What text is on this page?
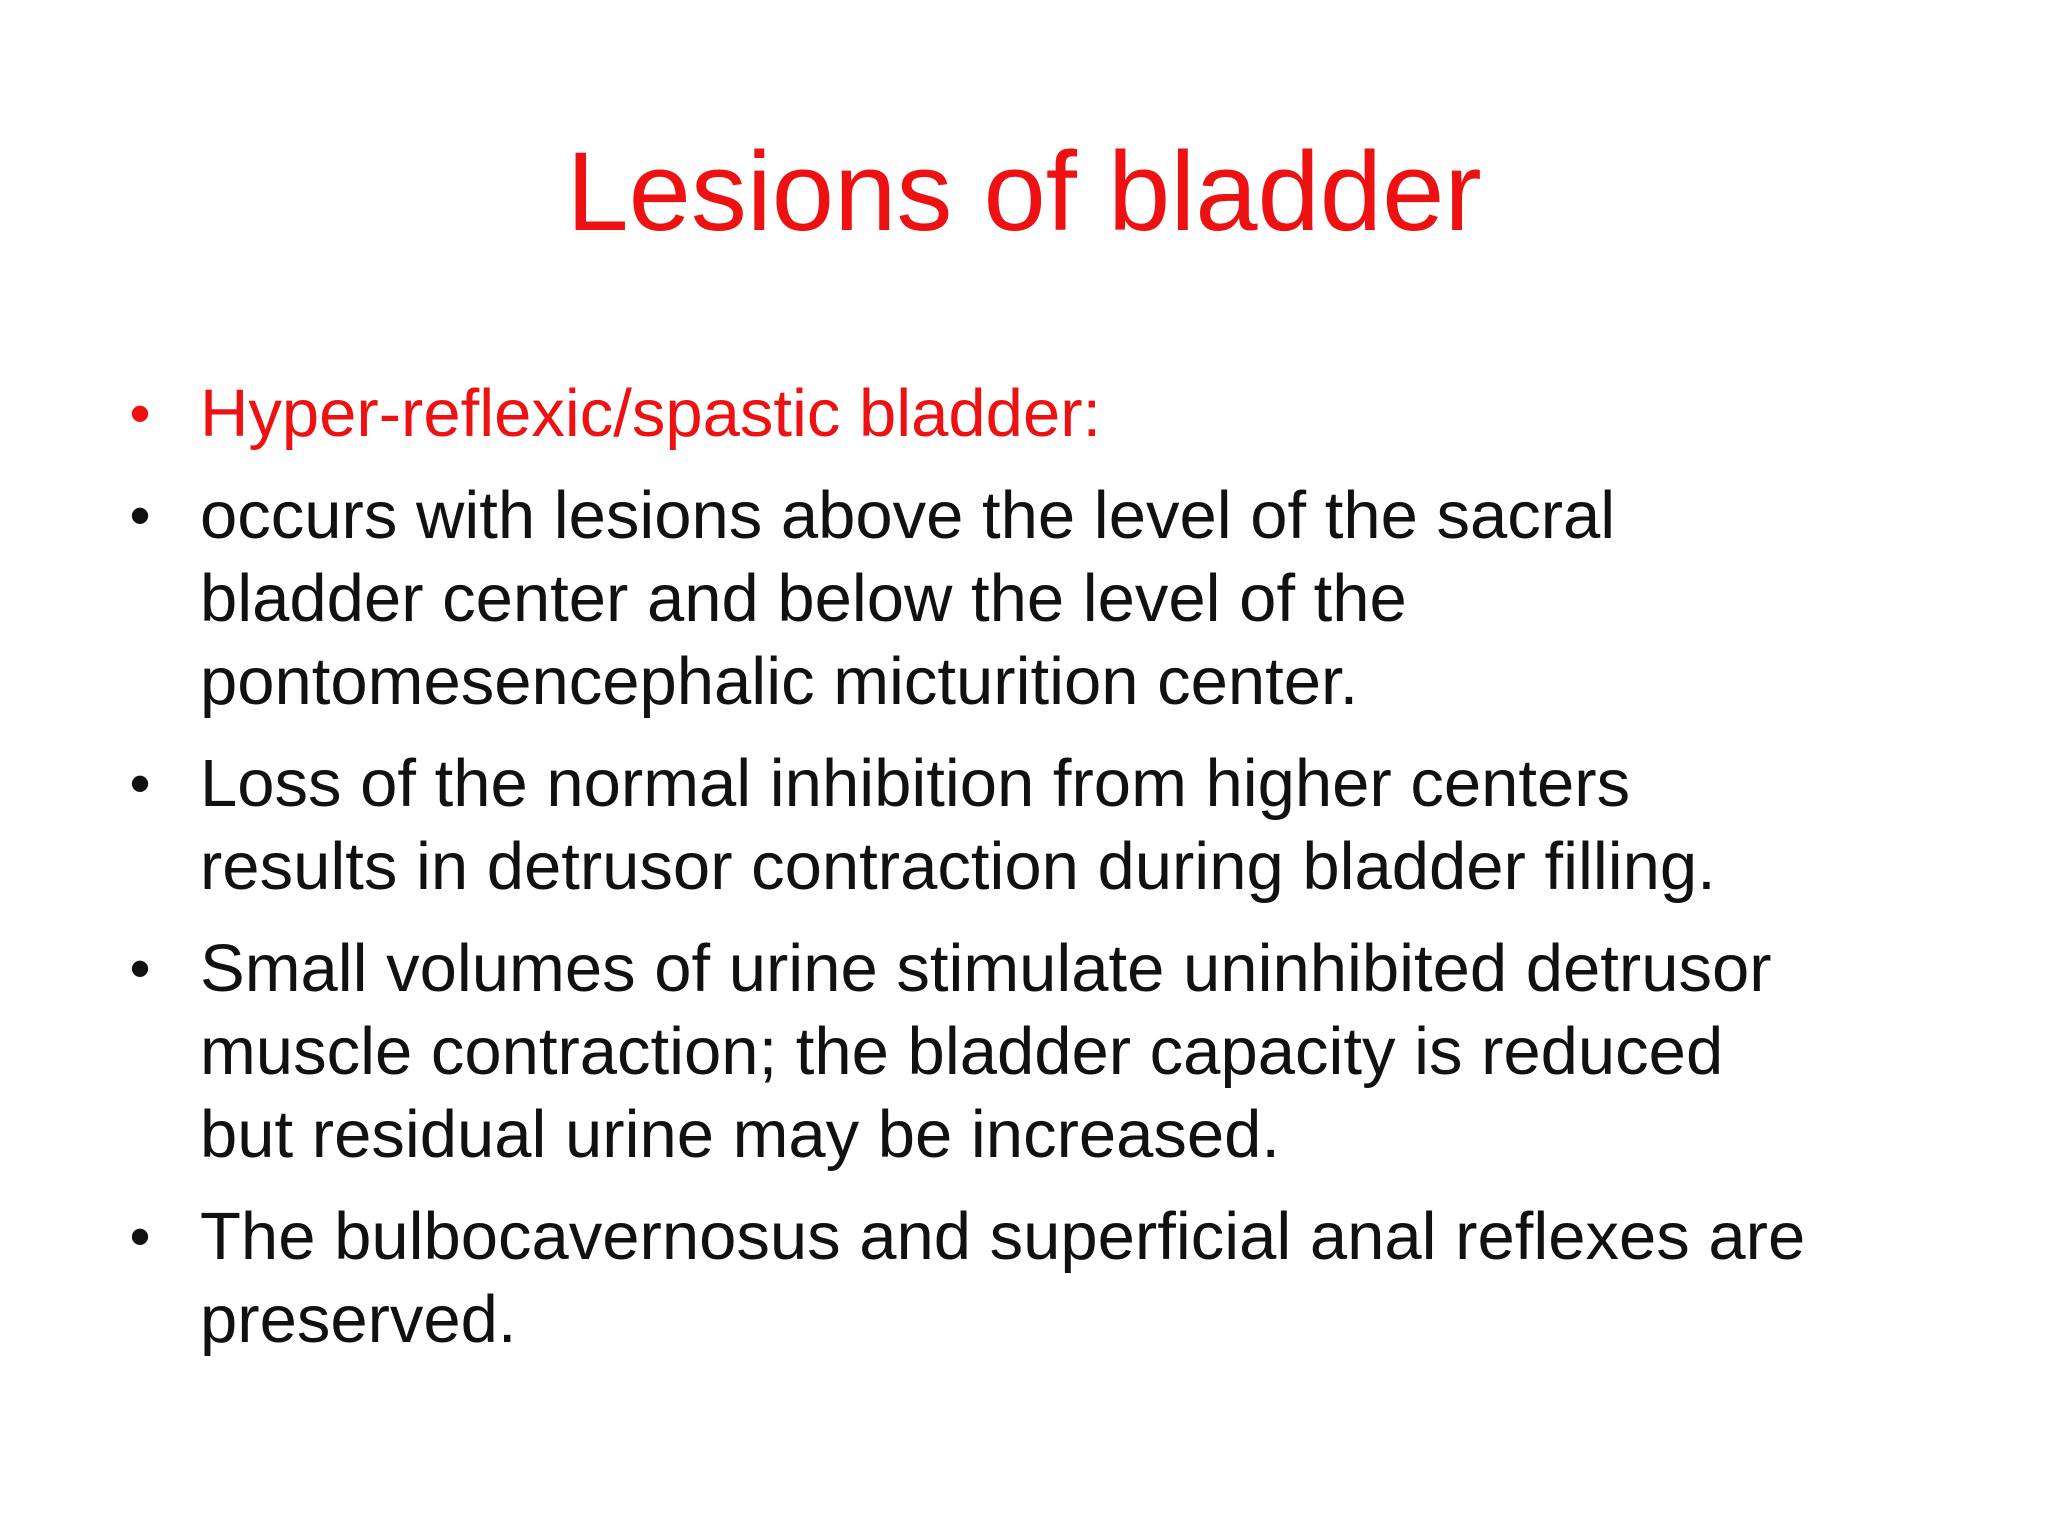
Lesions of bladder
• Hyper-reflexic/spastic bladder:
• occurs with lesions above the level of the sacral
bladder center and below the level of the
pontomesencephalic micturition center.
• Loss of the normal inhibition from higher centers
results in detrusor contraction during bladder filling.
• Small volumes of urine stimulate uninhibited detrusor
muscle contraction; the bladder capacity is reduced
but residual urine may be increased.
• The bulbocavernosus and superficial anal reflexes are
preserved.
